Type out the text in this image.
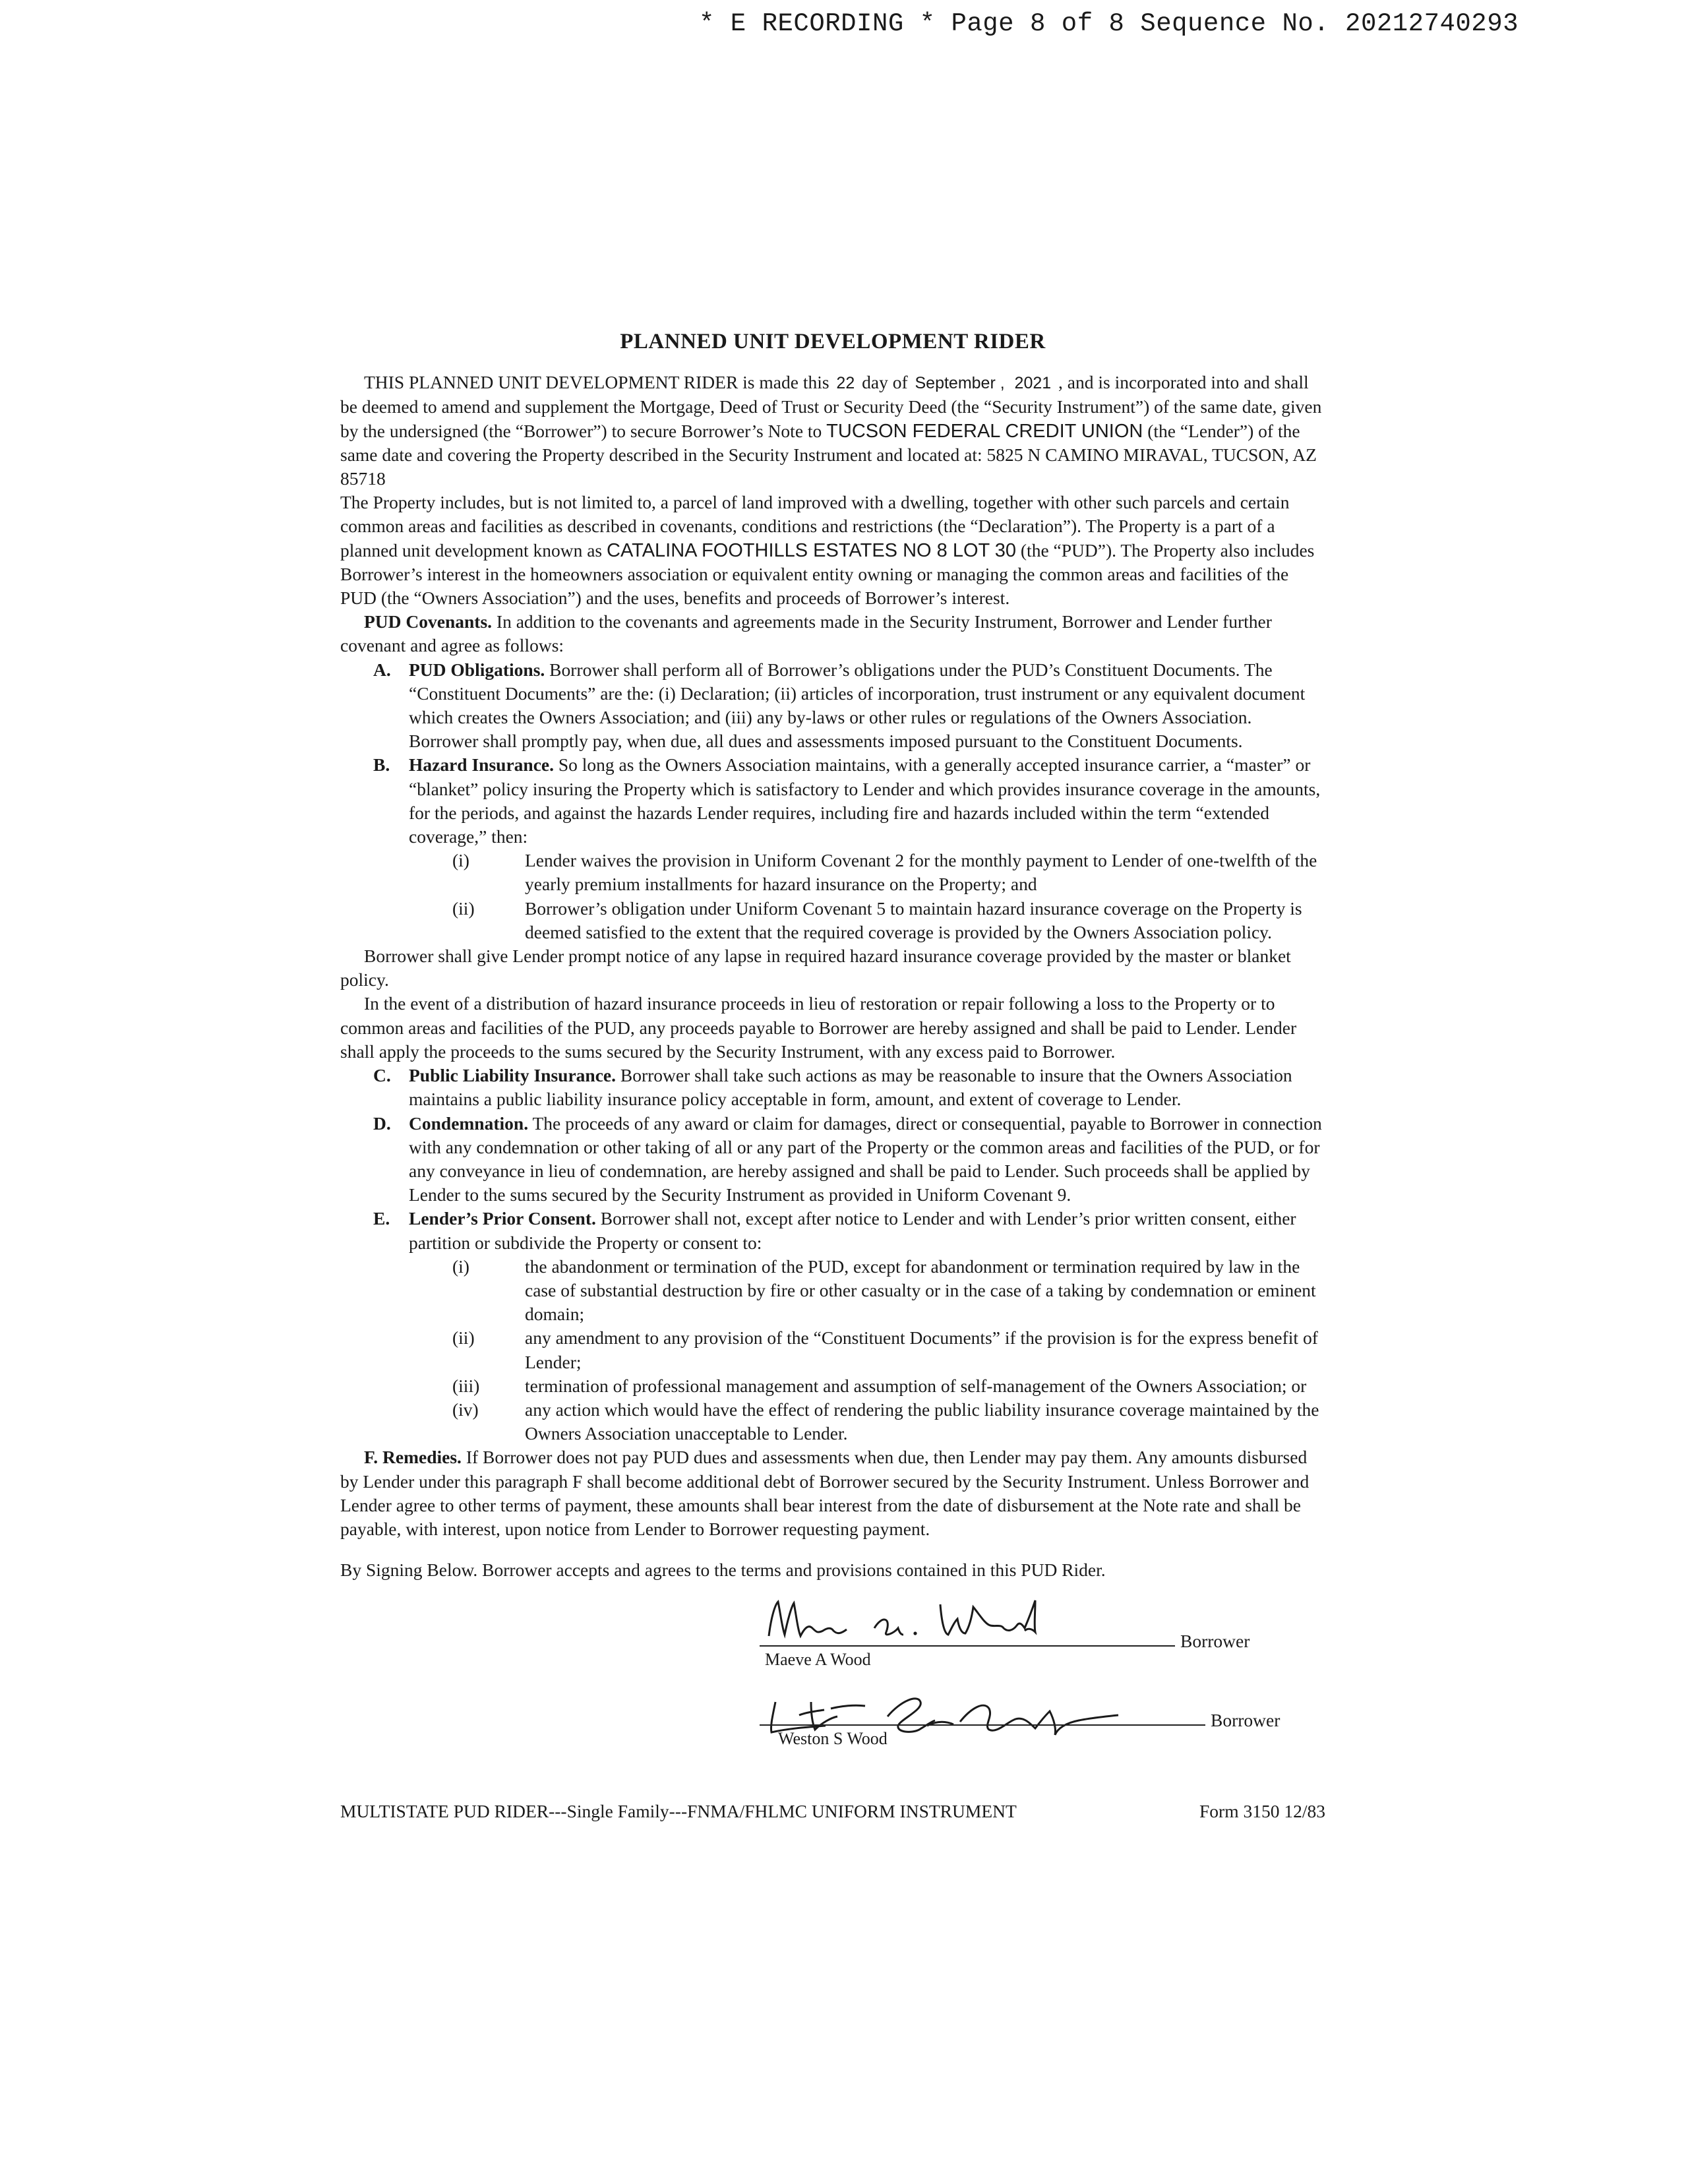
* E RECORDING * Page 8 of 8 Sequence No. 20212740293
PLANNED UNIT DEVELOPMENT RIDER

THIS PLANNED UNIT DEVELOPMENT RIDER is made this 22 day of September , 2021 , and is incorporated into and shall be deemed to amend and supplement the Mortgage, Deed of Trust or Security Deed (the “Security Instrument”) of the same date, given by the undersigned (the “Borrower”) to secure Borrower’s Note to TUCSON FEDERAL CREDIT UNION (the “Lender”) of the same date and covering the Property described in the Security Instrument and located at: 5825 N CAMINO MIRAVAL, TUCSON, AZ 85718

The Property includes, but is not limited to, a parcel of land improved with a dwelling, together with other such parcels and certain common areas and facilities as described in covenants, conditions and restrictions (the “Declaration”). The Property is a part of a planned unit development known as CATALINA FOOTHILLS ESTATES NO 8 LOT 30 (the “PUD”). The Property also includes Borrower’s interest in the homeowners association or equivalent entity owning or managing the common areas and facilities of the PUD (the “Owners Association”) and the uses, benefits and proceeds of Borrower’s interest.

PUD Covenants. In addition to the covenants and agreements made in the Security Instrument, Borrower and Lender further covenant and agree as follows:

A. PUD Obligations. Borrower shall perform all of Borrower’s obligations under the PUD’s Constituent Documents. The “Constituent Documents” are the: (i) Declaration; (ii) articles of incorporation, trust instrument or any equivalent document which creates the Owners Association; and (iii) any by-laws or other rules or regulations of the Owners Association. Borrower shall promptly pay, when due, all dues and assessments imposed pursuant to the Constituent Documents.
B.	Hazard Insurance. So long as the Owners Association maintains, with a generally accepted insurance carrier, a “master” or “blanket” policy insuring the Property which is satisfactory to Lender and which provides insurance coverage in the amounts, for the periods, and against the hazards Lender requires, including fire and hazards included within the term “extended coverage,” then:
(i)	Lender waives the provision in Uniform Covenant 2 for the monthly payment to Lender of one-twelfth of the yearly premium installments for hazard insurance on the Property; and
(ii)	Borrower’s obligation under Uniform Covenant 5 to maintain hazard insurance coverage on the Property is deemed satisfied to the extent that the required coverage is provided by the Owners Association policy.

Borrower shall give Lender prompt notice of any lapse in required hazard insurance coverage provided by the master or blanket policy.

In the event of a distribution of hazard insurance proceeds in lieu of restoration or repair following a loss to the Property or to common areas and facilities of the PUD, any proceeds payable to Borrower are hereby assigned and shall be paid to Lender. Lender shall apply the proceeds to the sums secured by the Security Instrument, with any excess paid to Borrower.

C. Public Liability Insurance. Borrower shall take such actions as may be reasonable to insure that the Owners Association maintains a public liability insurance policy acceptable in form, amount, and extent of coverage to Lender.
D. Condemnation. The proceeds of any award or claim for damages, direct or consequential, payable to Borrower in connection with any condemnation or other taking of all or any part of the Property or the common areas and facilities of the PUD, or for any conveyance in lieu of condemnation, are hereby assigned and shall be paid to Lender. Such proceeds shall be applied by Lender to the sums secured by the Security Instrument as provided in Uniform Covenant 9.
E.	Lender’s Prior Consent. Borrower shall not, except after notice to Lender and with Lender’s prior written consent, either partition or subdivide the Property or consent to:
(i)	the abandonment or termination of the PUD, except for abandonment or termination required by law in the case of substantial destruction by fire or other casualty or in the case of a taking by condemnation or eminent domain;
(ii)	any amendment to any provision of the “Constituent Documents” if the provision is for the express benefit of Lender;
(iii)	termination of professional management and assumption of self-management of the Owners Association; or
(iv)	any action which would have the effect of rendering the public liability insurance coverage maintained by the Owners Association unacceptable to Lender.

F. Remedies. If Borrower does not pay PUD dues and assessments when due, then Lender may pay them. Any amounts disbursed by Lender under this paragraph F shall become additional debt of Borrower secured by the Security Instrument. Unless Borrower and Lender agree to other terms of payment, these amounts shall bear interest from the date of disbursement at the Note rate and shall be payable, with interest, upon notice from Lender to Borrower requesting payment.

By Signing Below. Borrower accepts and agrees to the terms and provisions contained in this PUD Rider.

Borrower
Maeve A Wood
Borrower
Weston S Wood
MULTISTATE PUD RIDER---Single Family---FNMA/FHLMC UNIFORM INSTRUMENT	Form 3150 12/83
